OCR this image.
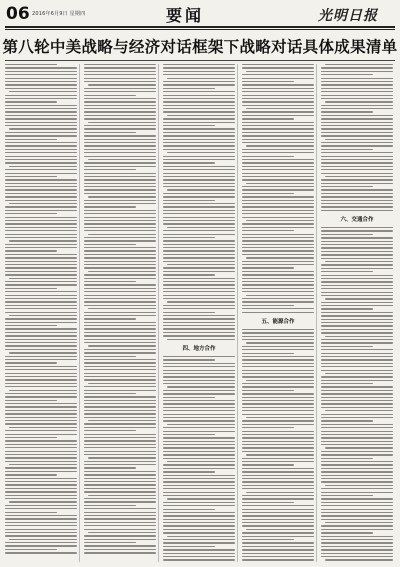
06 2016年6月9日 星期四	要闻	光明日报
第八轮中美战略与经济对话框架下战略对话具体成果清单
四、地方合作
五、能源合作
六、交通合作
